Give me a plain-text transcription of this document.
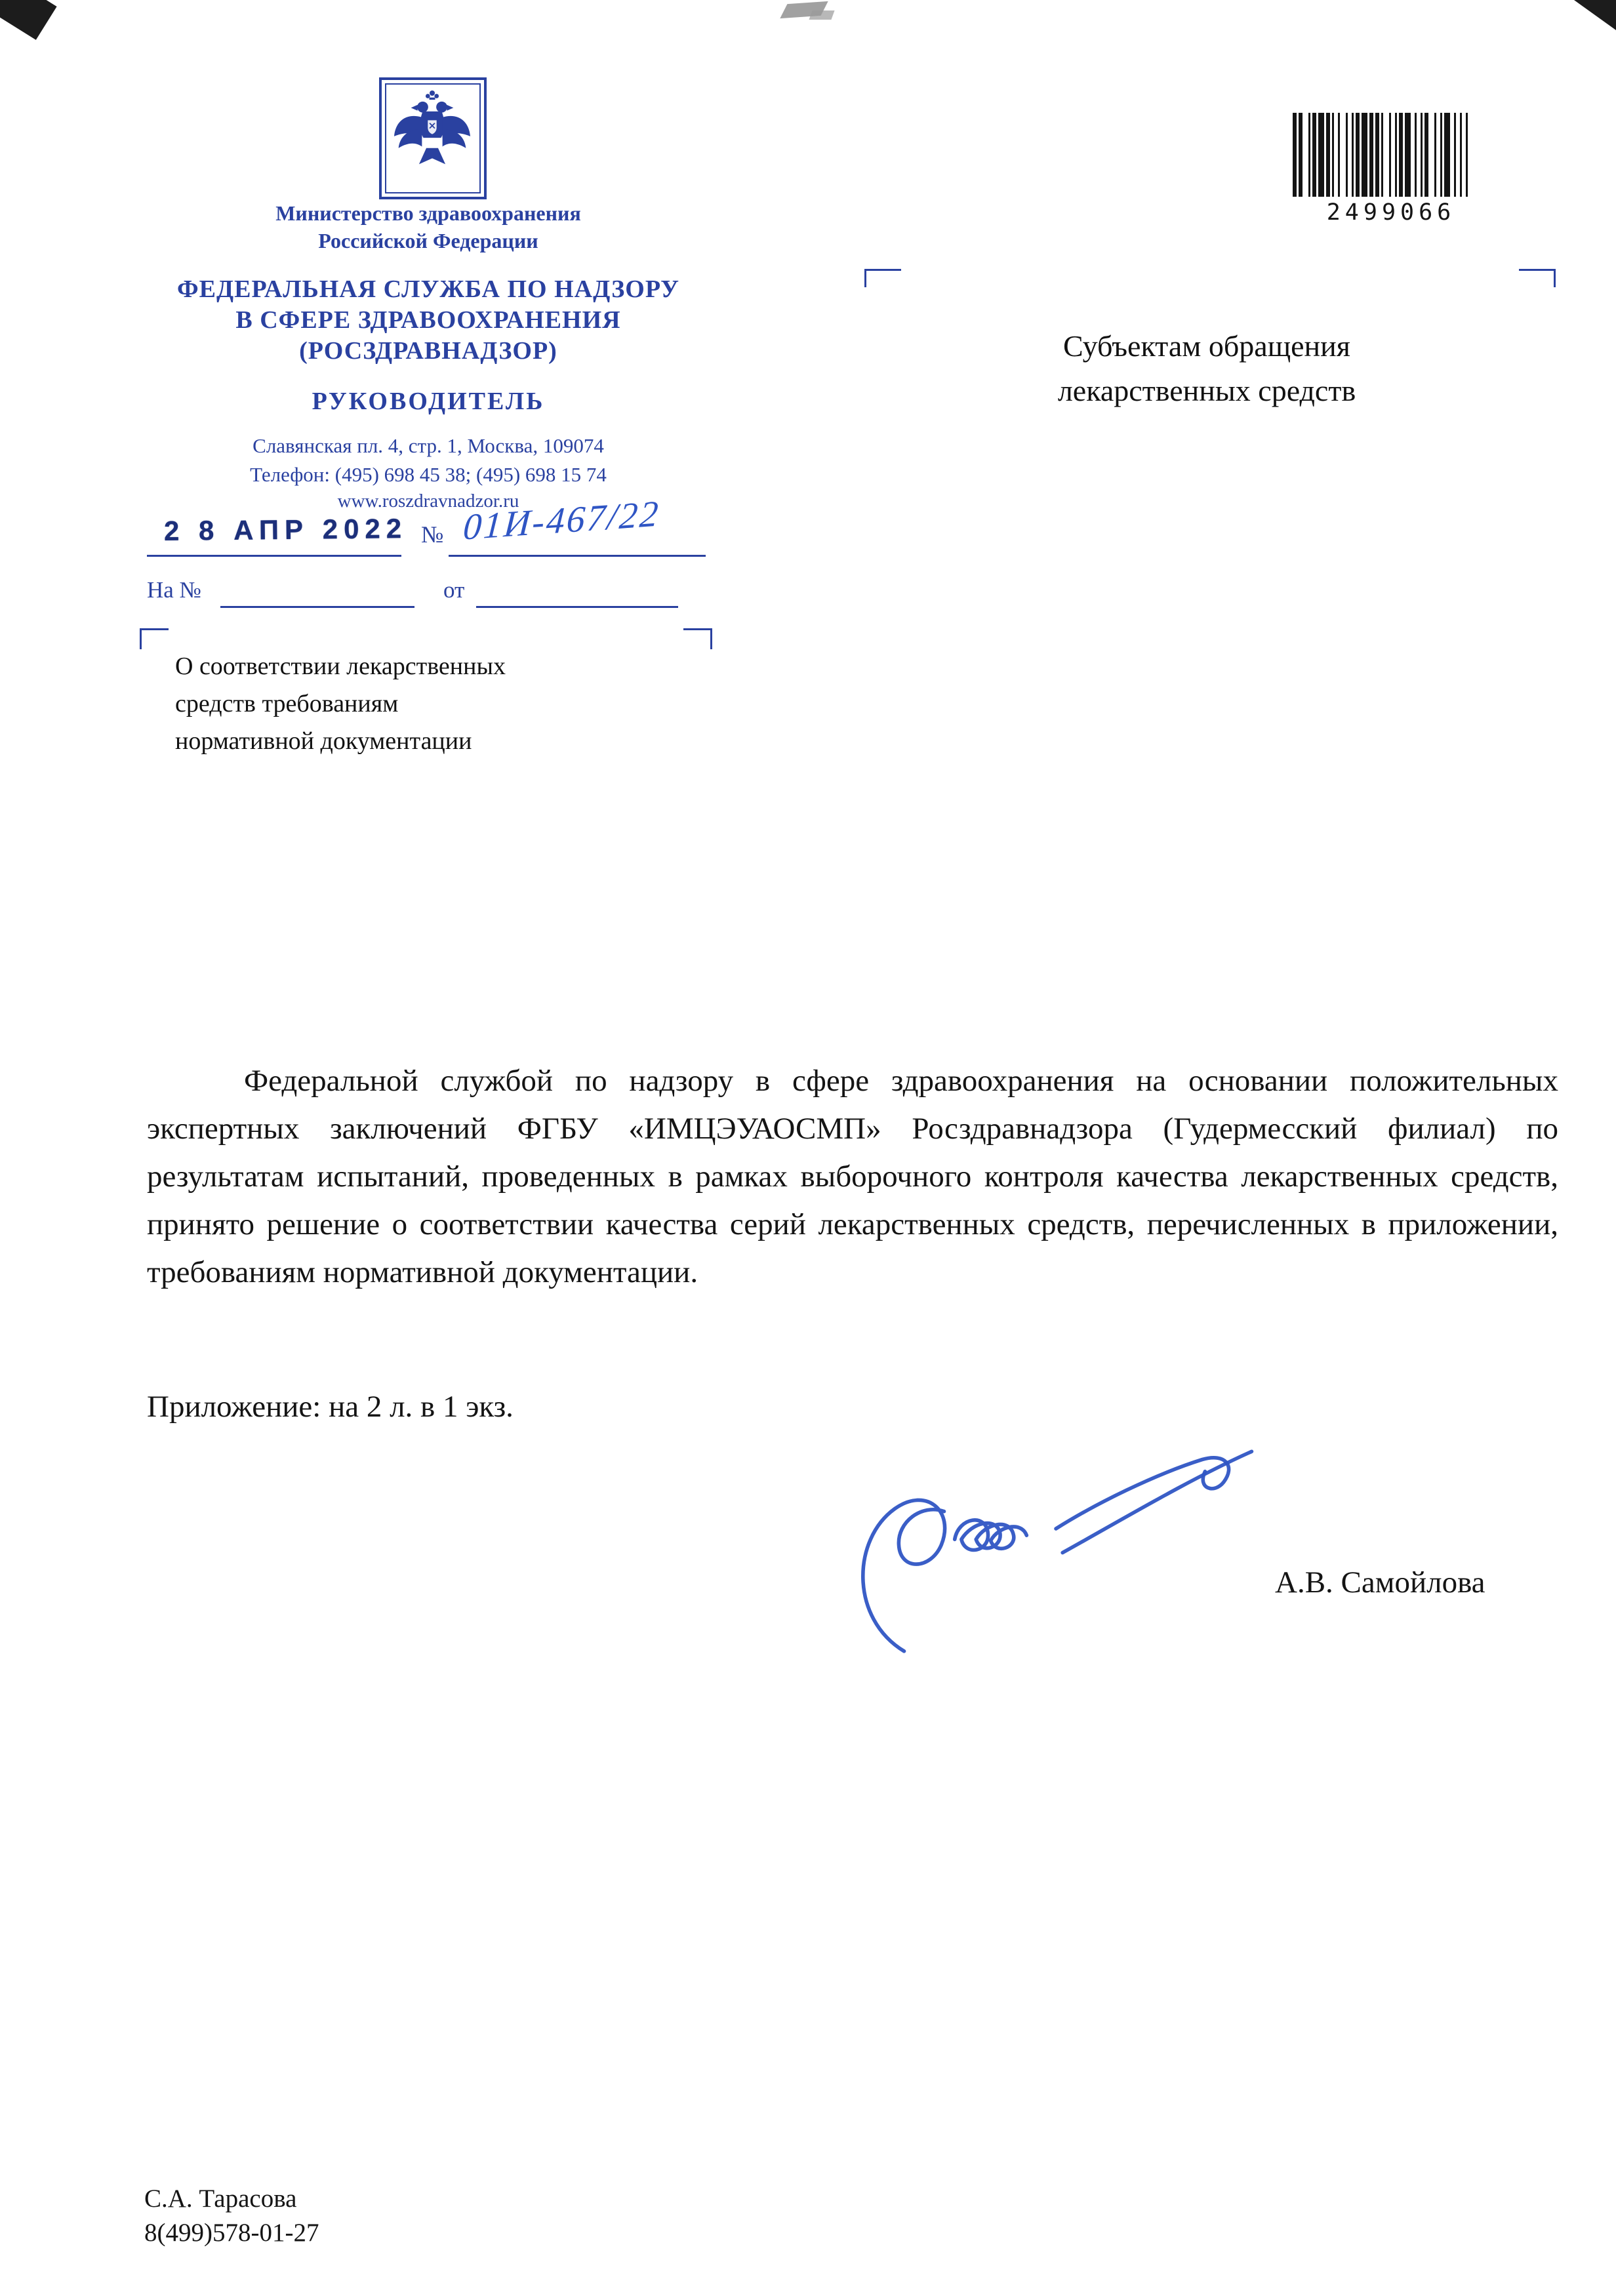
Министерство здравоохранения
Российской Федерации
ФЕДЕРАЛЬНАЯ СЛУЖБА ПО НАДЗОРУ
В СФЕРЕ ЗДРАВООХРАНЕНИЯ
(РОСЗДРАВНАДЗОР)
РУКОВОДИТЕЛЬ
Славянская пл. 4, стр. 1, Москва, 109074
Телефон: (495) 698 45 38; (495) 698 15 74
www.roszdravnadzor.ru
2 8 АПР 2022 № 01И-467/22
На №	от
О соответствии лекарственных
средств требованиям
нормативной документации
Субъектам обращения
лекарственных средств
2499066
Федеральной службой по надзору в сфере здравоохранения на основании положительных экспертных заключений ФГБУ «ИМЦЭУАОСМП» Росздравнадзора (Гудермесский филиал) по результатам испытаний, проведенных в рамках выборочного контроля качества лекарственных средств, принято решение о соответствии качества серий лекарственных средств, перечисленных в приложении, требованиям нормативной документации.
Приложение: на 2 л. в 1 экз.
А.В. Самойлова
С.А. Тарасова
8(499)578-01-27
